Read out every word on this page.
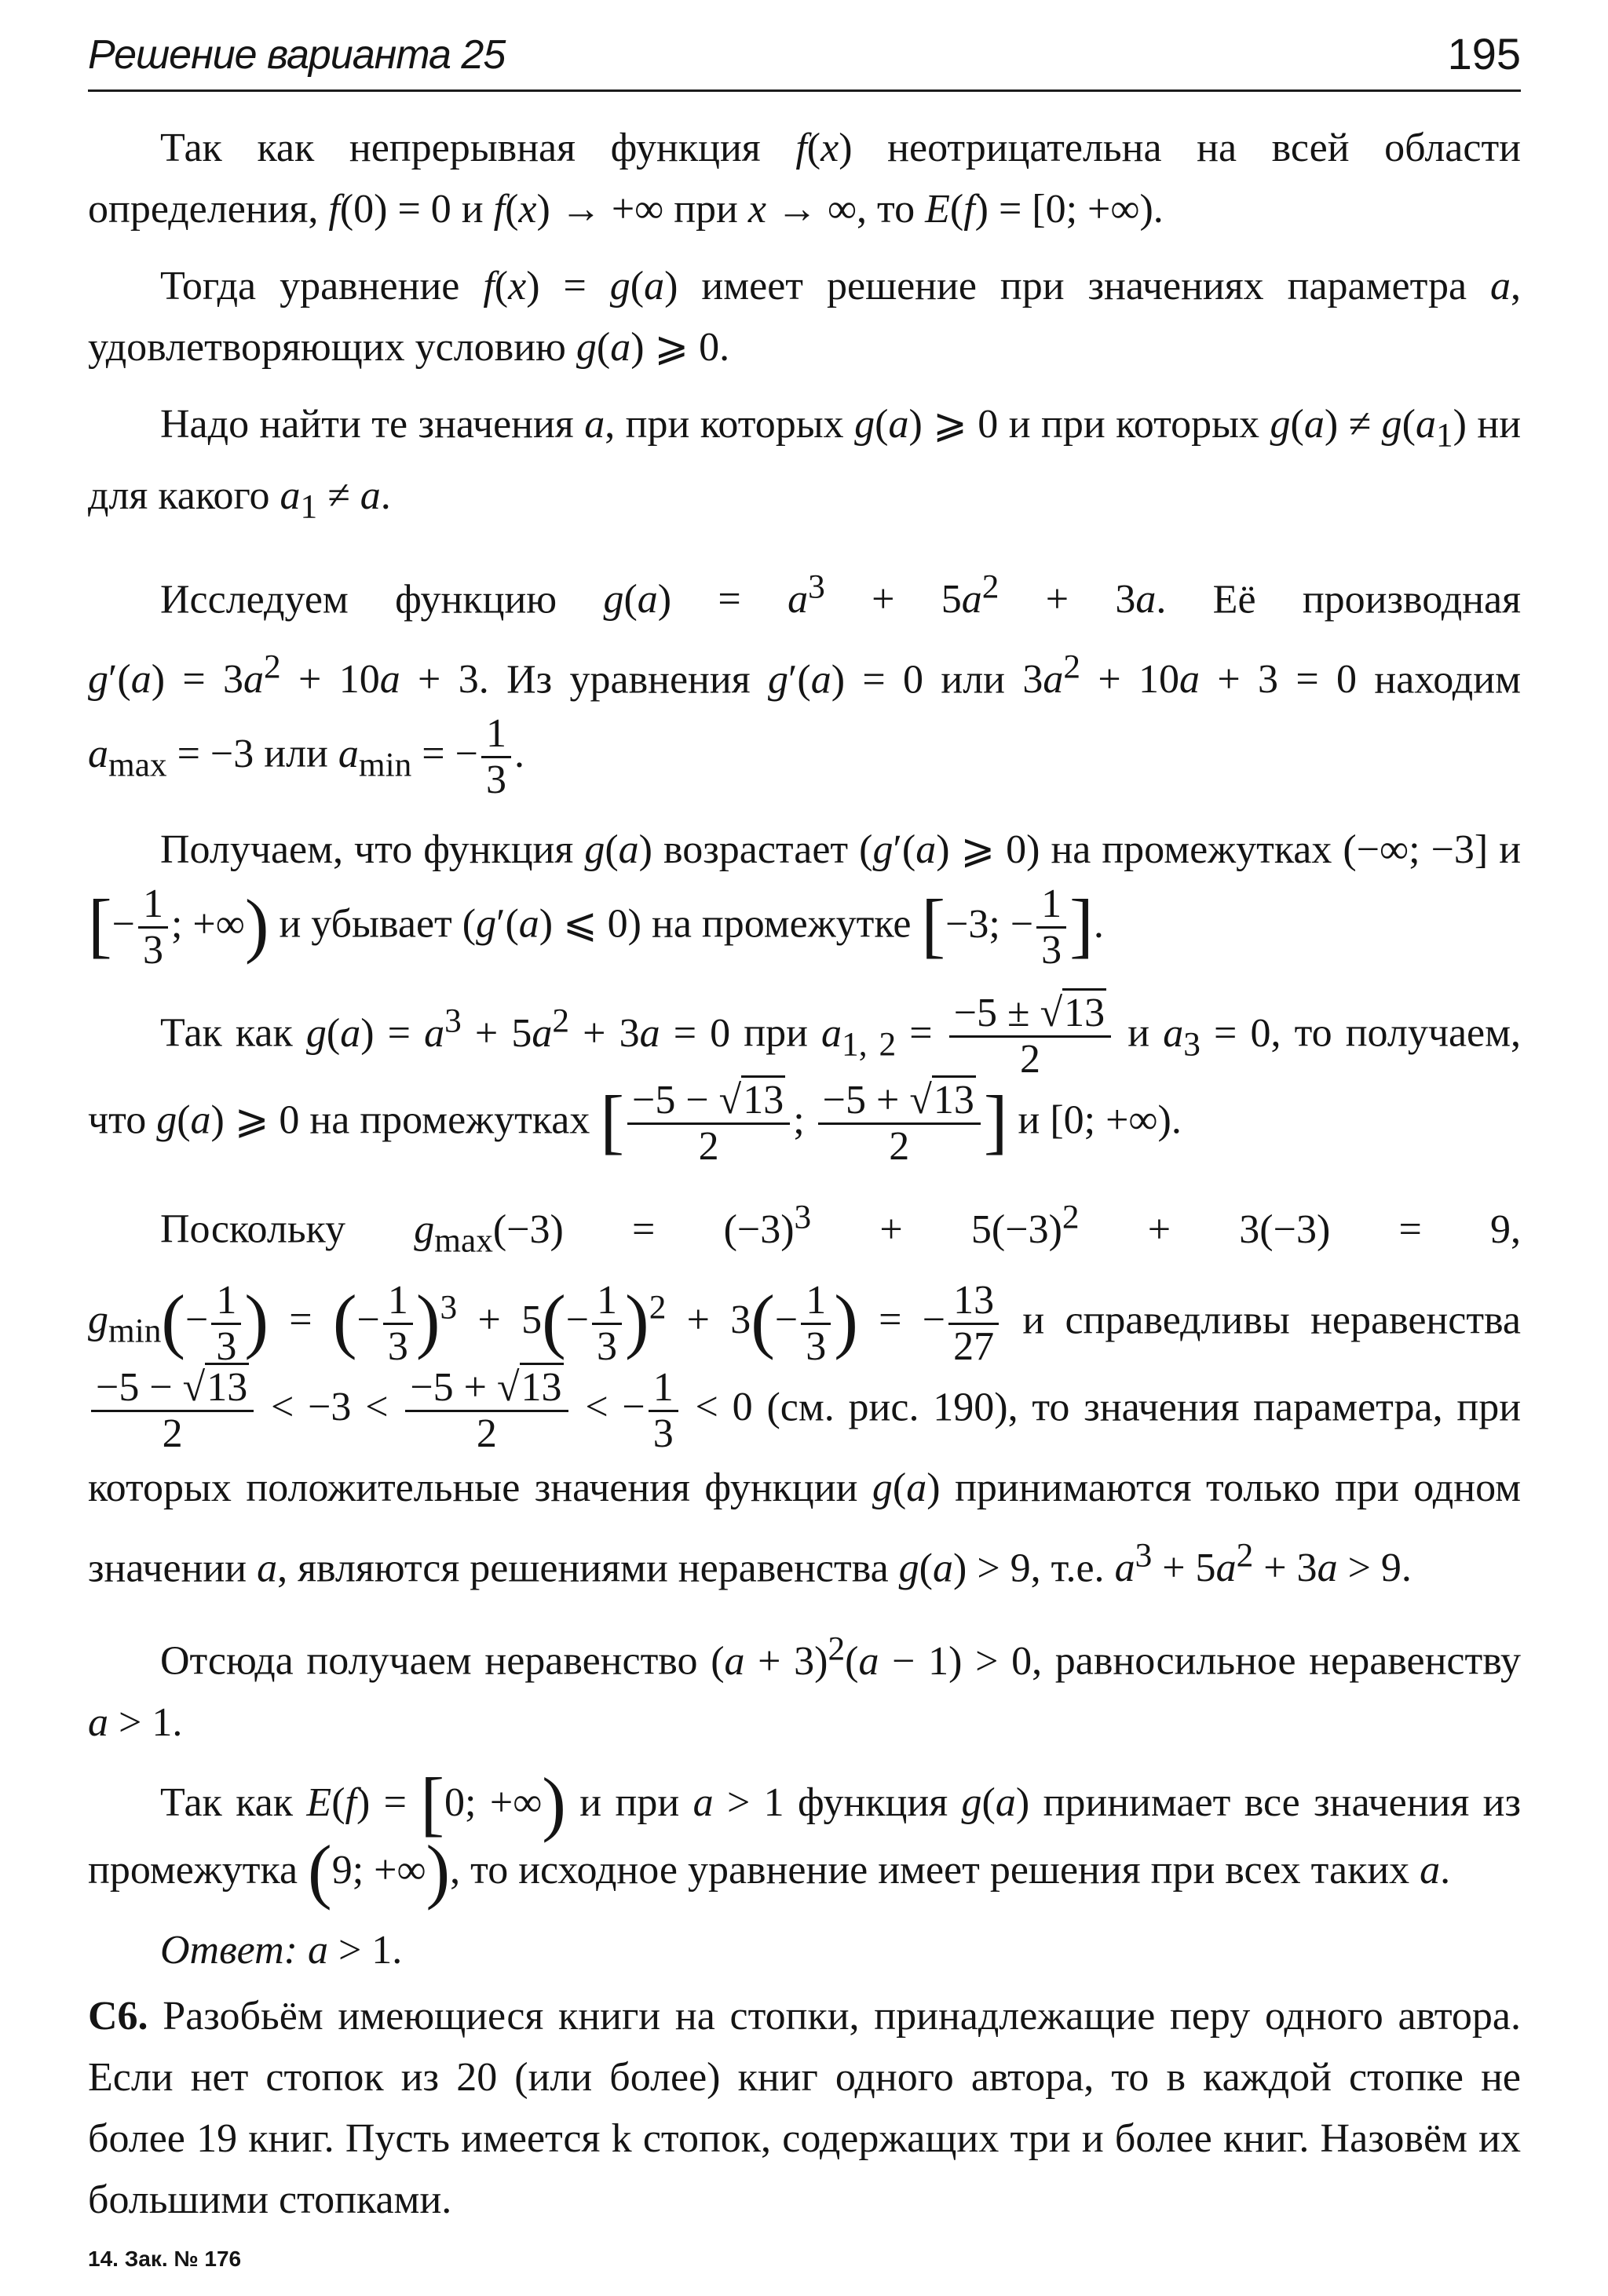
Решение варианта 25	195

Так как непрерывная функция f(x) неотрицательна на всей области определения, f(0) = 0 и f(x) → +∞ при x → ∞, то E(f) = [0; +∞).

Тогда уравнение f(x) = g(a) имеет решение при значениях параметра a, удовлетворяющих условию g(a) ⩾ 0.

Надо найти те значения a, при которых g(a) ⩾ 0 и при которых $g(a) \ne g(a_1)$ ни для какого $a_1 \ne a$.

Исследуем функцию $g(a) = a^3 + 5a^2 + 3a$. Её производная $g'(a) = 3a^2 + 10a + 3$. Из уравнения g′(a) = 0 или $3a^2 + 10a + 3 = 0$ находим $a_{max} = -3$ или $a_{min}$ = − $\frac{1}{3}$ .

Получаем, что функция g(a) возрастает (g′(a) ⩾ 0) на промежутках (−∞; −3] и [− $\frac{1}{3}$ ; +∞) и убывает (g′(a) ⩽ 0) на промежутке [−3; − $\frac{1}{3}$ ].

Так как $g(a) = a^3 + 5a^2 + 3a = 0$ при $a_{1, 2} = \frac{-5 \pm √13}{2}$ и $a_3 = 0$, то получаем, что g(a) ⩾ 0 на промежутках [ $\frac{-5 - √13}{2}$ ; $\frac{-5 + √13}{2}$ ] и [0; +∞).

Поскольку $g_{max}(-3) = (-3)^3 + 5(-3)^2 + 3(-3) = 9$, $g_{min}(- \frac{1}{3}$ ) = (− $\frac{1}{3} )^3 + 5(- \frac{1}{3} )^2 + 3(- \frac{1}{3}$ ) = − $\frac{13}{27}$ и справедливы неравенства
$\frac{-5 - √13}{2} < -3 < \frac{-5 + √13}{2}$ < − $\frac{1}{3} < 0$ (см. рис. 190), то значения параметра, при которых положительные значения функции g(a) принимаются только при одном значении a, являются решениями неравенства g(a) > 9, т.е. $a^3 + 5a^2 + 3a > 9$.

Отсюда получаем неравенство $(a + 3)^2(a - 1) > 0$, равносильное неравенству a > 1.

Так как E(f) = [0; +∞) и при a > 1 функция g(a) принимает все значения из промежутка (9; +∞), то исходное уравнение имеет решения при всех таких a.

Ответ: a > 1.

С6. Разобьём имеющиеся книги на стопки, принадлежащие перу одного автора. Если нет стопок из 20 (или более) книг одного автора, то в каждой стопке не более 19 книг. Пусть имеется k стопок, содержащих три и более книг. Назовём их большими стопками.

14. Зак. № 176
